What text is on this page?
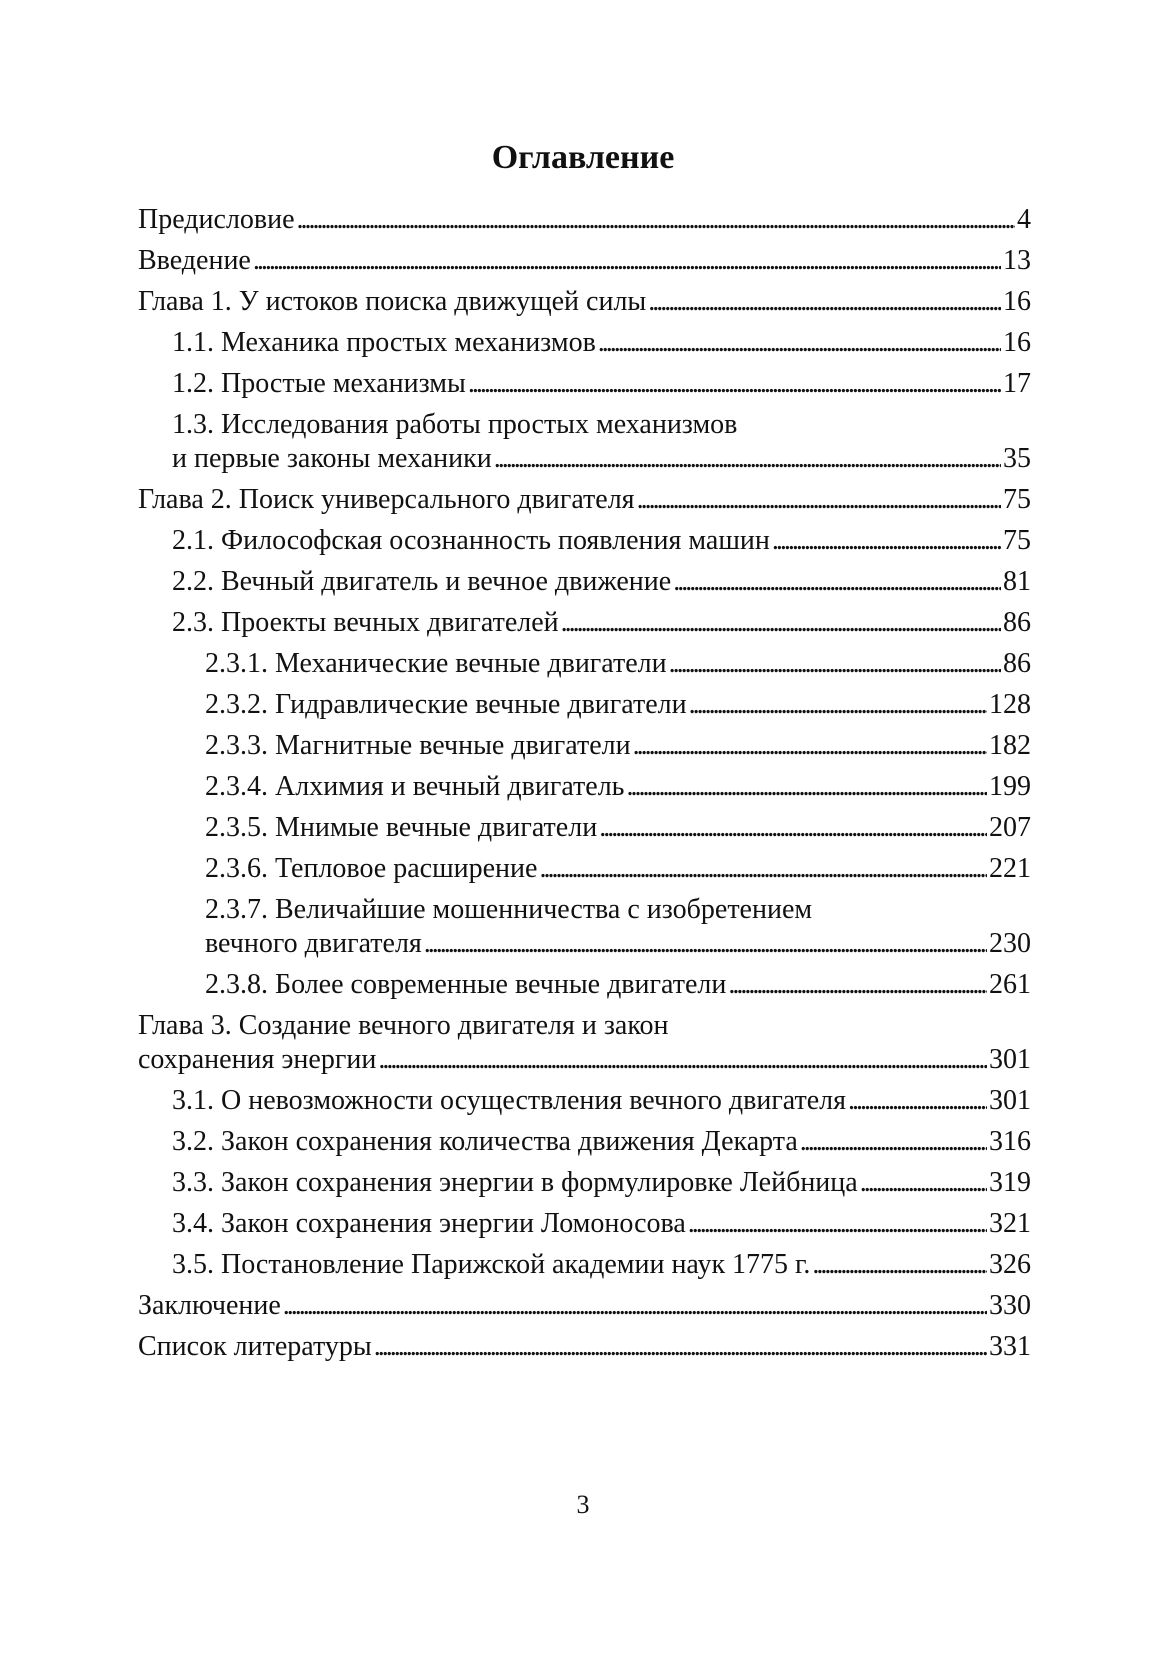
Оглавление
Предисловие . . .	4
Введение . . .	13
Глава 1. У истоков поиска движущей силы . . .	16
1.1. Механика простых механизмов . . .	16
1.2. Простые механизмы . . .	17
1.3. Исследования работы простых механизмов
и первые законы механики . . .	35
Глава 2. Поиск универсального двигателя . . .	75
2.1. Философская осознанность появления машин . . .	75
2.2. Вечный двигатель и вечное движение . . .	81
2.3. Проекты вечных двигателей . . .	86
2.3.1. Механические вечные двигатели . . .	86
2.3.2. Гидравлические вечные двигатели . . .	128
2.3.3. Магнитные вечные двигатели . . .	182
2.3.4. Алхимия и вечный двигатель . . .	199
2.3.5. Мнимые вечные двигатели . . .	207
2.3.6. Тепловое расширение . . .	221
2.3.7. Величайшие мошенничества с изобретением
вечного двигателя . . .	230
2.3.8. Более современные вечные двигатели . . .	261
Глава 3. Создание вечного двигателя и закон
сохранения энергии . . .	301
3.1. О невозможности осуществления вечного двигателя . . .	301
3.2. Закон сохранения количества движения Декарта . . .	316
3.3. Закон сохранения энергии в формулировке Лейбница . . .	319
3.4. Закон сохранения энергии Ломоносова . . .	321
3.5. Постановление Парижской академии наук 1775 г. . . .	326
Заключение . . .	330
Список литературы . . .	331
3
